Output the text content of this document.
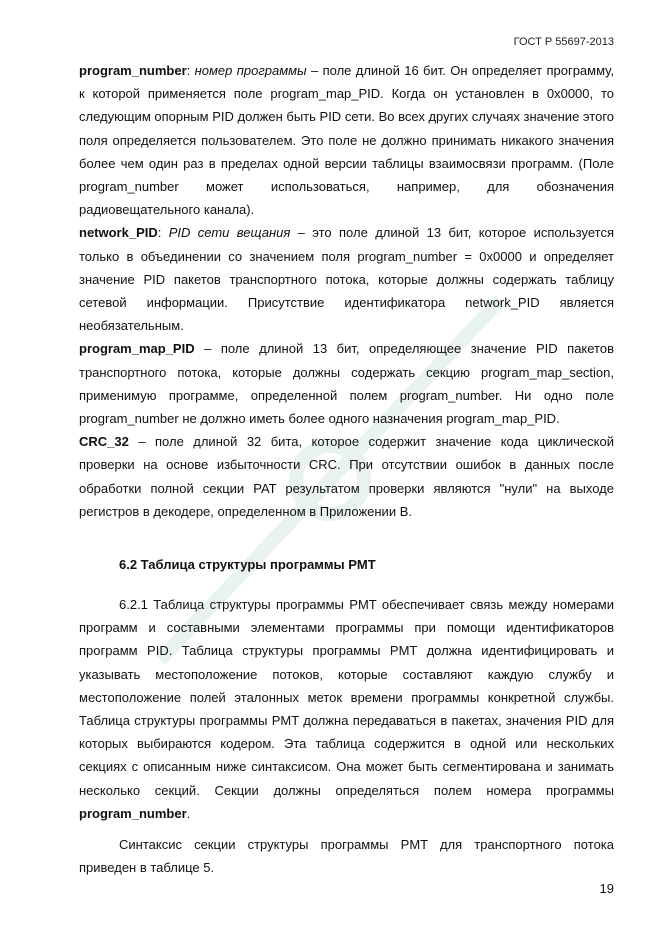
ГОСТ Р 55697-2013

program_number: номер программы – поле длиной 16 бит. Он определяет программу, к которой применяется поле program_map_PID. Когда он установлен в 0x0000, то следующим опорным PID должен быть PID сети. Во всех других случаях значение этого поля определяется пользователем. Это поле не должно принимать никакого значения более чем один раз в пределах одной версии таблицы взаимосвязи программ. (Поле program_number может использоваться, например, для обозначения радиовещательного канала).

network_PID: PID сети вещания – это поле длиной 13 бит, которое используется только в объединении со значением поля program_number = 0x0000 и определяет значение PID пакетов транспортного потока, которые должны содержать таблицу сетевой информации. Присутствие идентификатора network_PID является необязательным.

program_map_PID – поле длиной 13 бит, определяющее значение PID пакетов транспортного потока, которые должны содержать секцию program_map_section, применимую программе, определенной полем program_number. Ни одно поле program_number не должно иметь более одного назначения program_map_PID.

CRC_32 – поле длиной 32 бита, которое содержит значение кода циклической проверки на основе избыточности CRC. При отсутствии ошибок в данных после обработки полной секции PAT результатом проверки являются "нули" на выходе регистров в декодере, определенном в Приложении В.

6.2 Таблица структуры программы PMT

6.2.1 Таблица структуры программы PMT обеспечивает связь между номерами программ и составными элементами программы при помощи идентификаторов программ PID. Таблица структуры программы PMT должна идентифицировать и указывать местоположение потоков, которые составляют каждую службу и местоположение полей эталонных меток времени программы конкретной службы. Таблица структуры программы PMT должна передаваться в пакетах, значения PID для которых выбираются кодером. Эта таблица содержится в одной или нескольких секциях с описанным ниже синтаксисом. Она может быть сегментирована и занимать несколько секций. Секции должны определяться полем номера программы program_number.

Синтаксис секции структуры программы PMT для транспортного потока приведен в таблице 5.

19
